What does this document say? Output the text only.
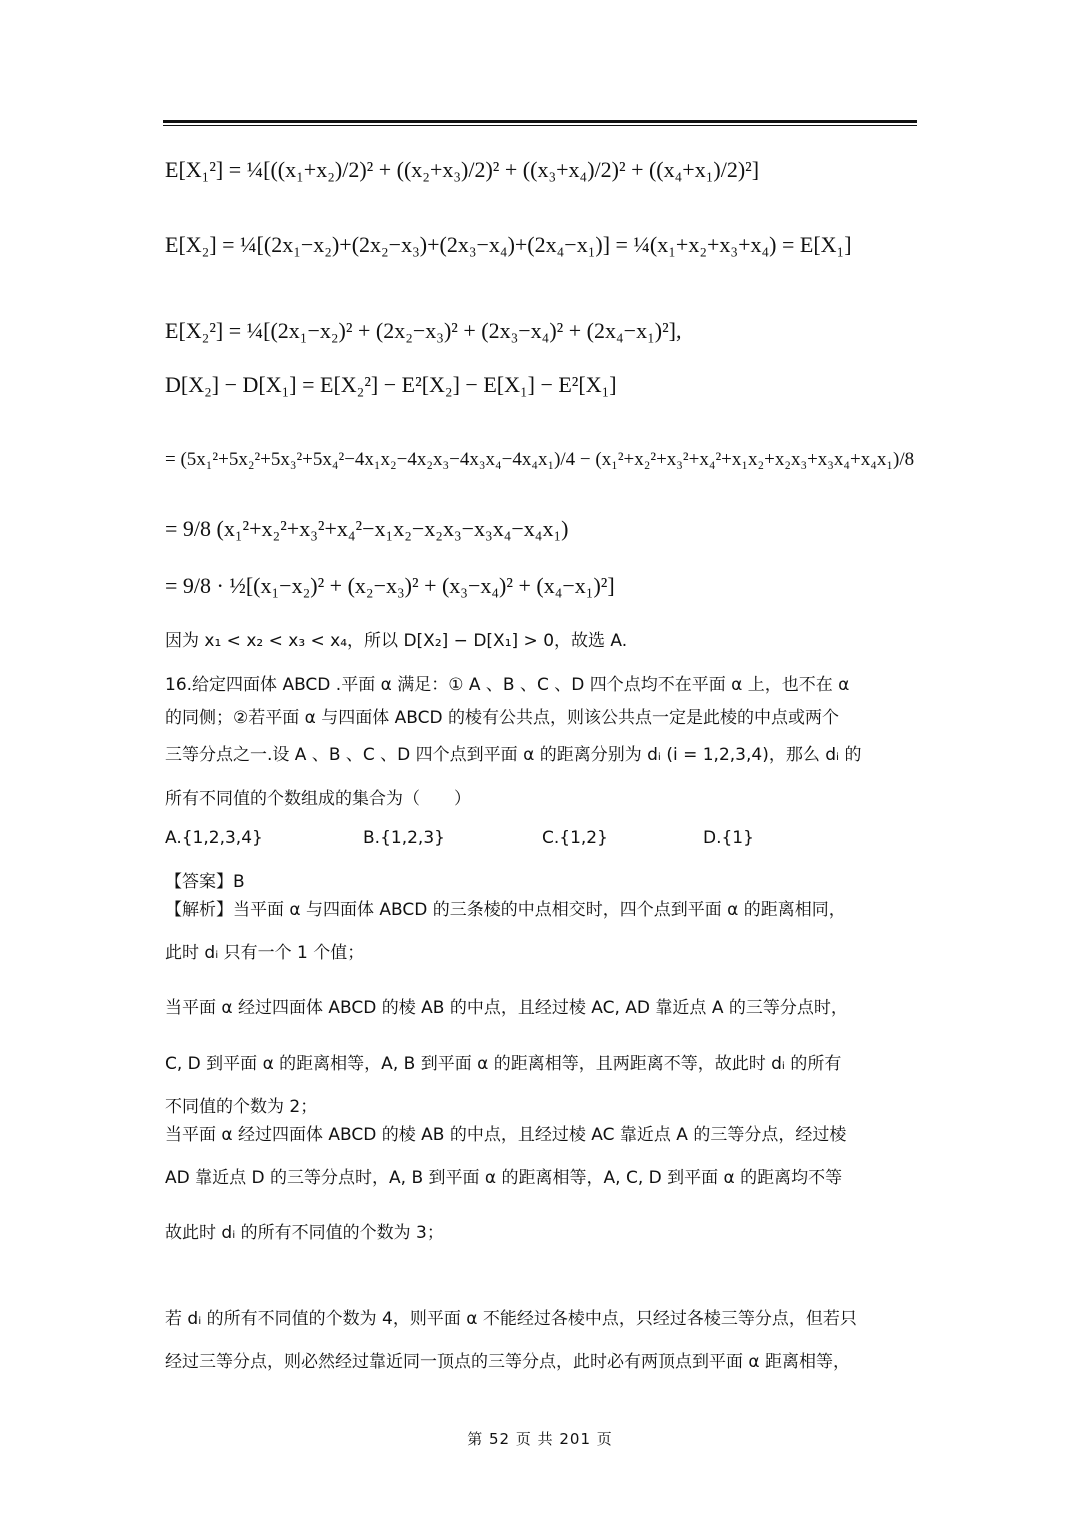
E[X₁²] = ¼[((x₁+x₂)/2)² + ((x₂+x₃)/2)² + ((x₃+x₄)/2)² + ((x₄+x₁)/2)²]
E[X₂] = ¼[(2x₁−x₂)+(2x₂−x₃)+(2x₃−x₄)+(2x₄−x₁)] = ¼(x₁+x₂+x₃+x₄) = E[X₁]
E[X₂²] = ¼[(2x₁−x₂)² + (2x₂−x₃)² + (2x₃−x₄)² + (2x₄−x₁)²],
D[X₂] − D[X₁] = E[X₂²] − E²[X₂] − E[X₁] − E²[X₁]
= (5x₁²+5x₂²+5x₃²+5x₄²−4x₁x₂−4x₂x₃−4x₃x₄−4x₄x₁)/4 − (x₁²+x₂²+x₃²+x₄²+x₁x₂+x₂x₃+x₃x₄+x₄x₁)/8
= 9/8 (x₁²+x₂²+x₃²+x₄²−x₁x₂−x₂x₃−x₃x₄−x₄x₁)
= 9/8 · ½[(x₁−x₂)² + (x₂−x₃)² + (x₃−x₄)² + (x₄−x₁)²]
因为 x₁ < x₂ < x₃ < x₄，所以 D[X₂] − D[X₁] > 0，故选 A.
16.给定四面体 ABCD .平面 α 满足：① A 、B 、C 、D 四个点均不在平面 α 上，也不在 α
的同侧；②若平面 α 与四面体 ABCD 的棱有公共点，则该公共点一定是此棱的中点或两个
三等分点之一.设 A 、B 、C 、D 四个点到平面 α 的距离分别为 dᵢ (i = 1,2,3,4)，那么 dᵢ 的
所有不同值的个数组成的集合为（　　）
A.{1,2,3,4}	B.{1,2,3}	C.{1,2}	D.{1}
【答案】B
【解析】当平面 α 与四面体 ABCD 的三条棱的中点相交时，四个点到平面 α 的距离相同，
此时 dᵢ 只有一个 1 个值；
当平面 α 经过四面体 ABCD 的棱 AB 的中点，且经过棱 AC, AD 靠近点 A 的三等分点时，
C, D 到平面 α 的距离相等，A, B 到平面 α 的距离相等，且两距离不等，故此时 dᵢ 的所有
不同值的个数为 2；
当平面 α 经过四面体 ABCD 的棱 AB 的中点，且经过棱 AC 靠近点 A 的三等分点，经过棱
AD 靠近点 D 的三等分点时，A, B 到平面 α 的距离相等，A, C, D 到平面 α 的距离均不等
故此时 dᵢ 的所有不同值的个数为 3；
若 dᵢ 的所有不同值的个数为 4，则平面 α 不能经过各棱中点，只经过各棱三等分点，但若只
经过三等分点，则必然经过靠近同一顶点的三等分点，此时必有两顶点到平面 α 距离相等，
第 52 页 共 201 页
